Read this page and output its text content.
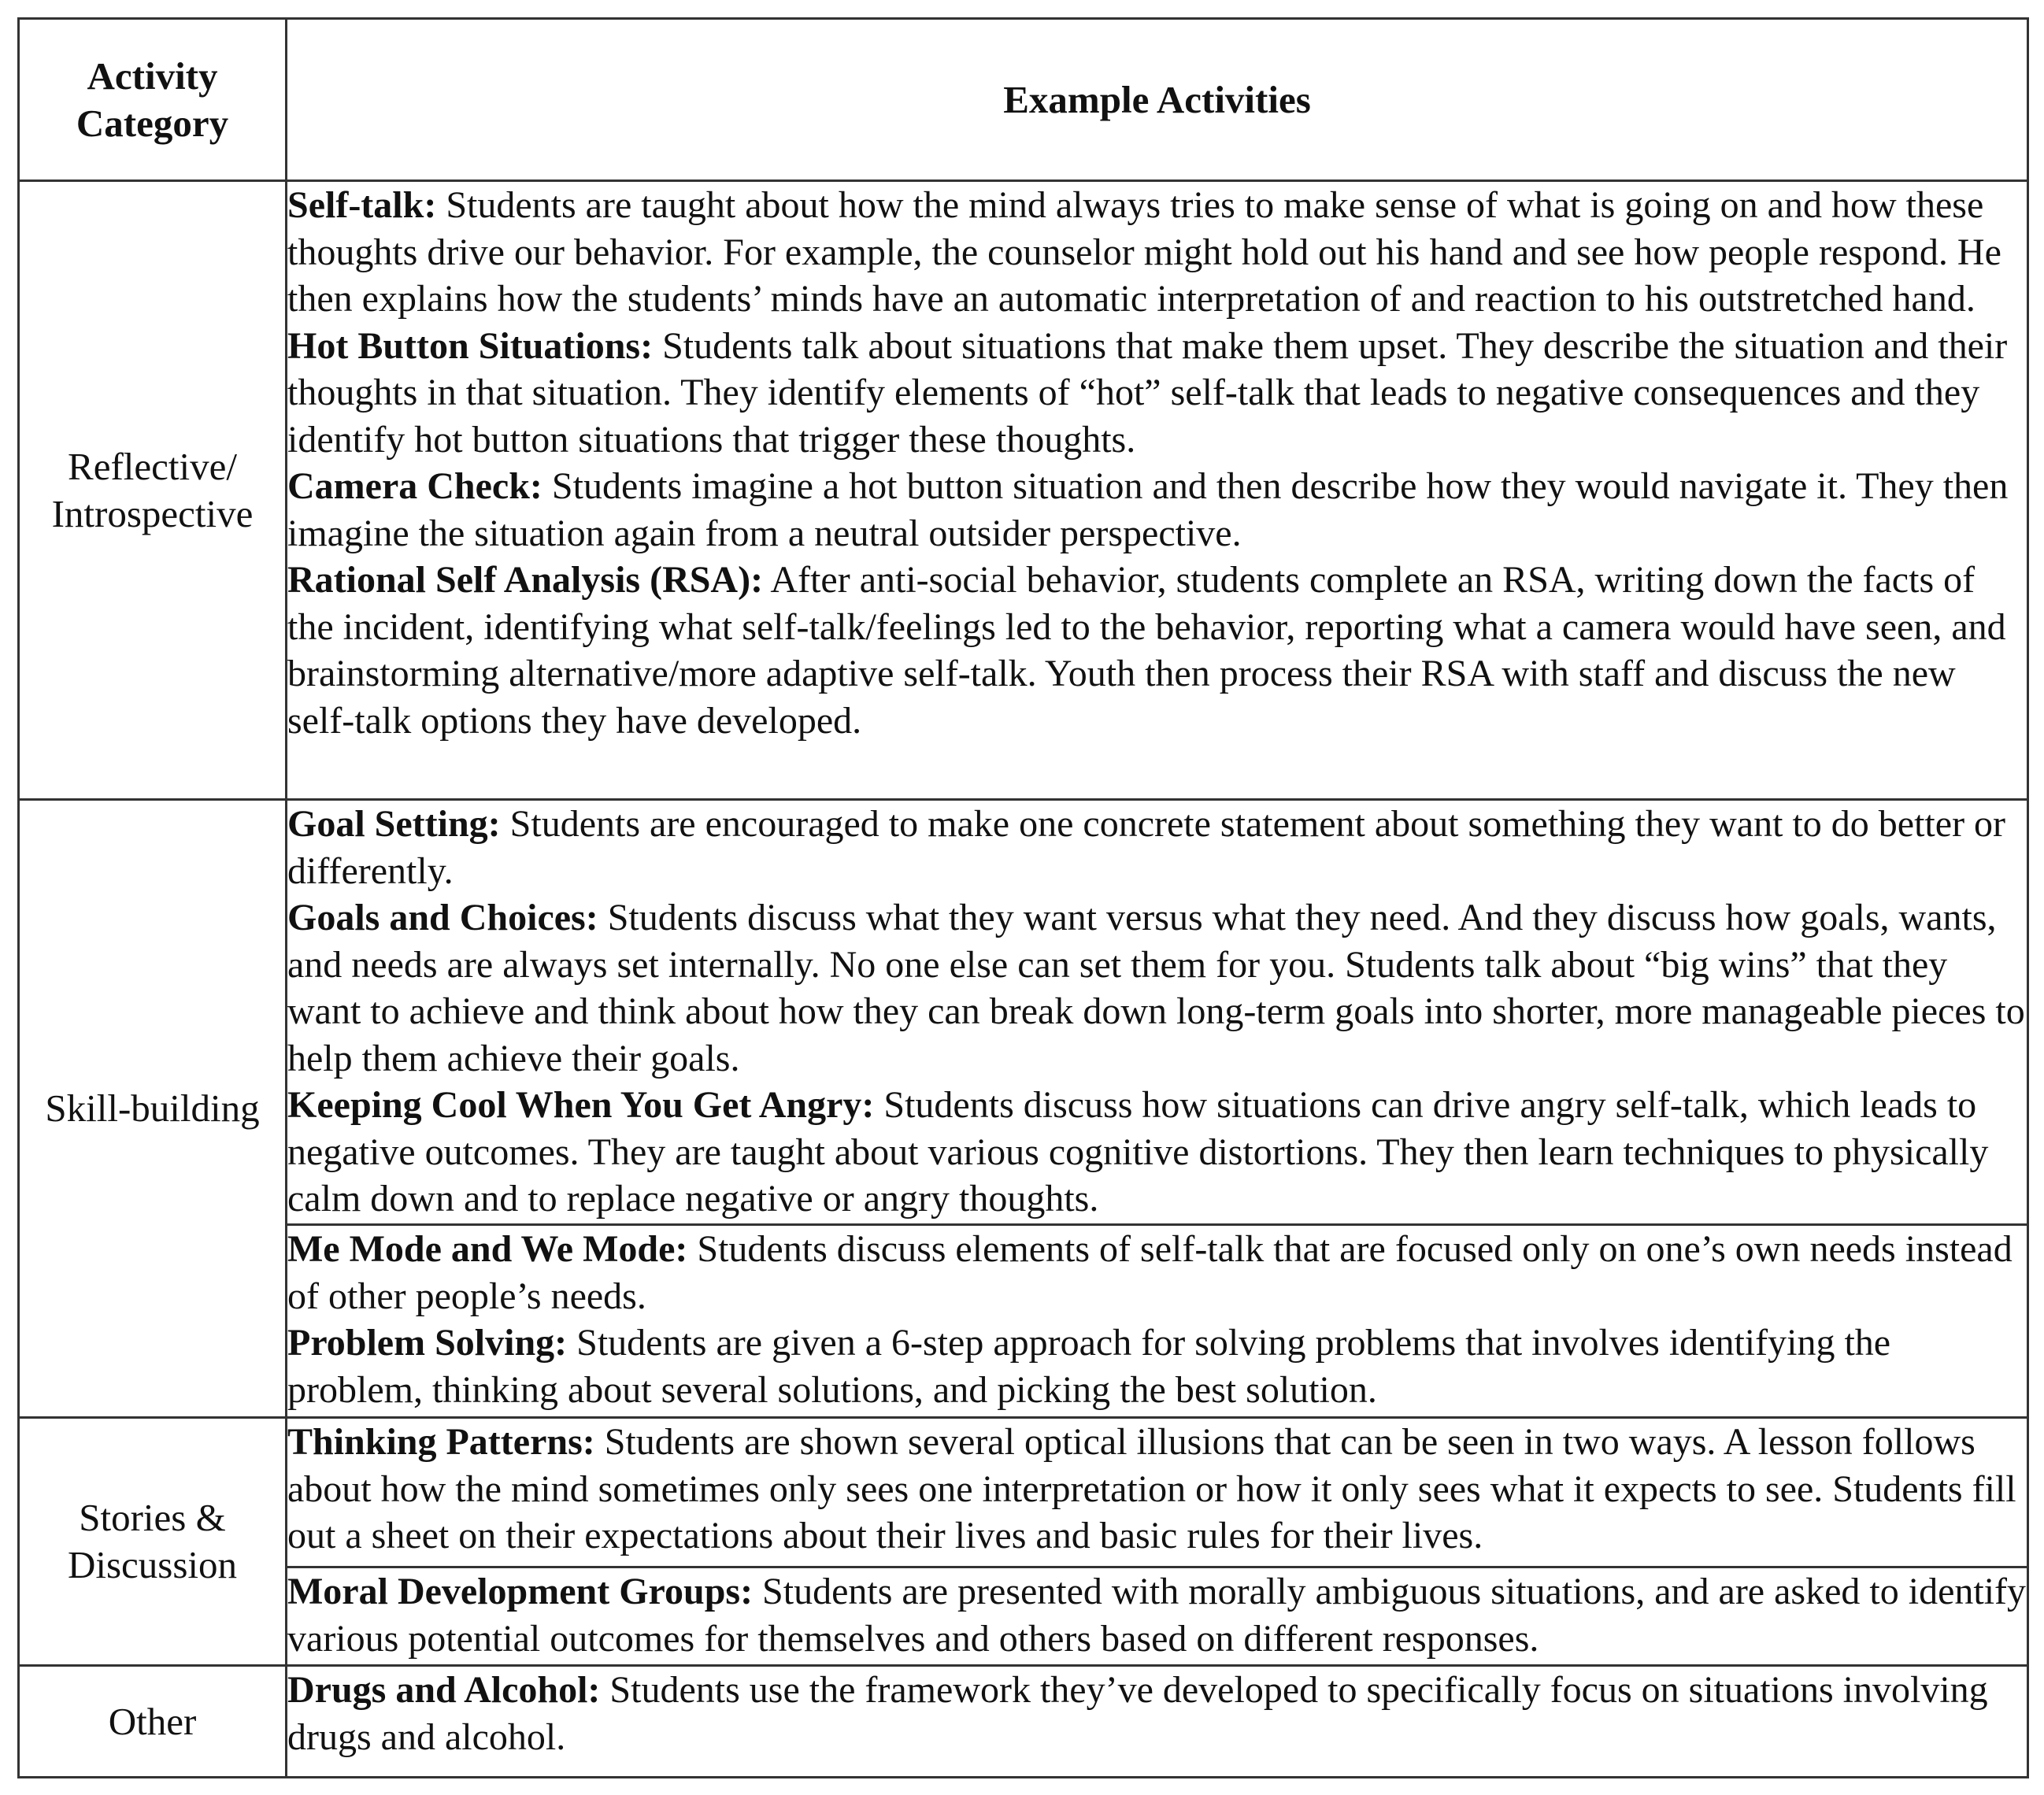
Activity Category	Example Activities
Reflective/ Introspective	Self-talk: Students are taught about how the mind always tries to make sense of what is going on and how these thoughts drive our behavior. For example, the counselor might hold out his hand and see how people respond. He then explains how the students’ minds have an automatic interpretation of and reaction to his outstretched hand.

Hot Button Situations: Students talk about situations that make them upset. They describe the situation and their thoughts in that situation. They identify elements of “hot” self-talk that leads to negative consequences and they identify hot button situations that trigger these thoughts.

Camera Check: Students imagine a hot button situation and then describe how they would navigate it. They then imagine the situation again from a neutral outsider perspective.

Rational Self Analysis (RSA): After anti-social behavior, students complete an RSA, writing down the facts of the incident, identifying what self-talk/feelings led to the behavior, reporting what a camera would have seen, and brainstorming alternative/more adaptive self-talk. Youth then process their RSA with staff and discuss the new self-talk options they have developed.

Skill-building	Goal Setting: Students are encouraged to make one concrete statement about something they want to do better or differently.

Goals and Choices: Students discuss what they want versus what they need. And they discuss how goals, wants, and needs are always set internally. No one else can set them for you. Students talk about “big wins” that they want to achieve and think about how they can break down long-term goals into shorter, more manageable pieces to help them achieve their goals.

Keeping Cool When You Get Angry: Students discuss how situations can drive angry self-talk, which leads to negative outcomes. They are taught about various cognitive distortions. They then learn techniques to physically calm down and to replace negative or angry thoughts.

	Me Mode and We Mode: Students discuss elements of self-talk that are focused only on one’s own needs instead of other people’s needs.

Problem Solving: Students are given a 6-step approach for solving problems that involves identifying the problem, thinking about several solutions, and picking the best solution.

Stories & Discussion	Thinking Patterns: Students are shown several optical illusions that can be seen in two ways. A lesson follows about how the mind sometimes only sees one interpretation or how it only sees what it expects to see. Students fill out a sheet on their expectations about their lives and basic rules for their lives.

	Moral Development Groups: Students are presented with morally ambiguous situations, and are asked to identify various potential outcomes for themselves and others based on different responses.

Other	Drugs and Alcohol: Students use the framework they’ve developed to specifically focus on situations involving drugs and alcohol.
